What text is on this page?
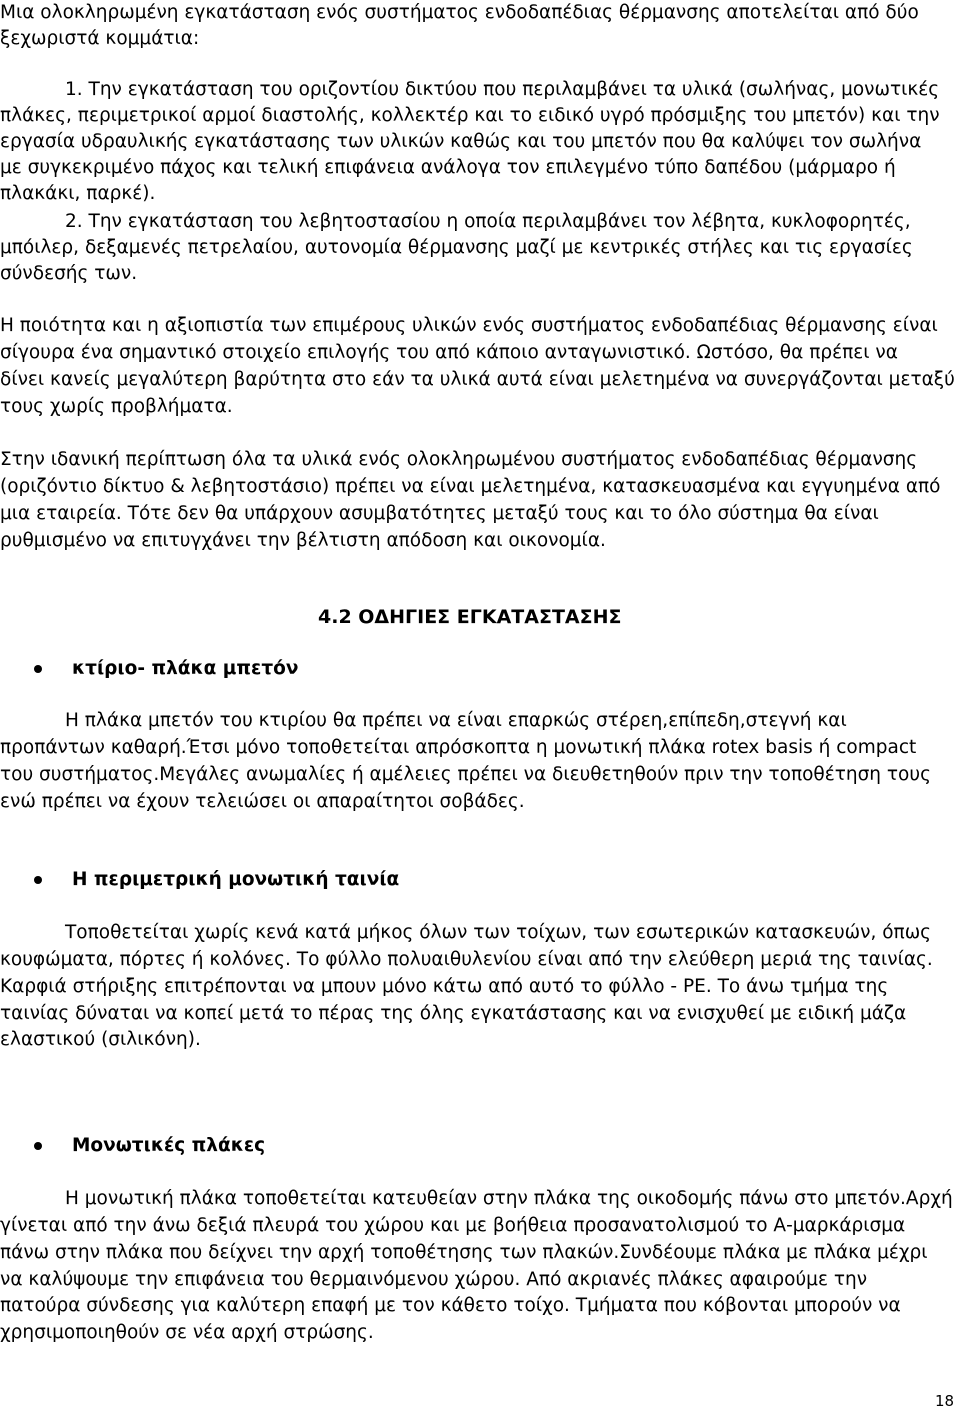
Μια ολοκληρωμένη εγκατάσταση ενός συστήματος ενδοδαπέδιας θέρμανσης αποτελείται από δύο
ξεχωριστά κομμάτια:
1. Την εγκατάσταση του οριζοντίου δικτύου που περιλαμβάνει τα υλικά (σωλήνας, μονωτικές
πλάκες, περιμετρικοί αρμοί διαστολής, κολλεκτέρ και το ειδικό υγρό πρόσμιξης του μπετόν) και την
εργασία υδραυλικής εγκατάστασης των υλικών καθώς και του μπετόν που θα καλύψει τον σωλήνα
με συγκεκριμένο πάχος και τελική επιφάνεια ανάλογα τον επιλεγμένο τύπο δαπέδου (μάρμαρο ή
πλακάκι, παρκέ).
2. Την εγκατάσταση του λεβητοστασίου η οποία περιλαμβάνει τον λέβητα, κυκλοφορητές,
μπόιλερ, δεξαμενές πετρελαίου, αυτονομία θέρμανσης μαζί με κεντρικές στήλες και τις εργασίες
σύνδεσής των.
Η ποιότητα και η αξιοπιστία των επιμέρους υλικών ενός συστήματος ενδοδαπέδιας θέρμανσης είναι
σίγουρα ένα σημαντικό στοιχείο επιλογής του από κάποιο ανταγωνιστικό. Ωστόσο, θα πρέπει να
δίνει κανείς μεγαλύτερη βαρύτητα στο εάν τα υλικά αυτά είναι μελετημένα να συνεργάζονται μεταξύ
τους χωρίς προβλήματα.
Στην ιδανική περίπτωση όλα τα υλικά ενός ολοκληρωμένου συστήματος ενδοδαπέδιας θέρμανσης
(οριζόντιο δίκτυο & λεβητοστάσιο) πρέπει να είναι μελετημένα, κατασκευασμένα και εγγυημένα από
μια εταιρεία. Τότε δεν θα υπάρχουν ασυμβατότητες μεταξύ τους και το όλο σύστημα θα είναι
ρυθμισμένο να επιτυγχάνει την βέλτιστη απόδοση και οικονομία.
4.2 ΟΔΗΓΙΕΣ ΕΓΚΑΤΑΣΤΑΣΗΣ
κτίριο- πλάκα μπετόν
Η πλάκα μπετόν του κτιρίου θα πρέπει να είναι επαρκώς στέρεη,επίπεδη,στεγνή και
προπάντων καθαρή.Έτσι μόνο τοποθετείται απρόσκοπτα η μονωτική πλάκα rotex basis ή compact
του συστήματος.Μεγάλες ανωμαλίες ή αμέλειες πρέπει να διευθετηθούν πριν την τοποθέτηση τους
ενώ πρέπει να έχουν τελειώσει οι απαραίτητοι σοβάδες.
Η περιμετρική μονωτική ταινία
Τοποθετείται χωρίς κενά κατά μήκος όλων των τοίχων, των εσωτερικών κατασκευών, όπως
κουφώματα, πόρτες ή κολόνες. Το φύλλο πολυαιθυλενίου είναι από την ελεύθερη μεριά της ταινίας.
Καρφιά στήριξης επιτρέπονται να μπουν μόνο κάτω από αυτό το φύλλο - PE. Το άνω τμήμα της
ταινίας δύναται να κοπεί μετά το πέρας της όλης εγκατάστασης και να ενισχυθεί με ειδική μάζα
ελαστικού (σιλικόνη).
Μονωτικές πλάκες
Η μονωτική πλάκα τοποθετείται κατευθείαν στην πλάκα της οικοδομής πάνω στο μπετόν.Αρχή
γίνεται από την άνω δεξιά πλευρά του χώρου και με βοήθεια προσανατολισμού το Α-μαρκάρισμα
πάνω στην πλάκα που δείχνει την αρχή τοποθέτησης των πλακών.Συνδέουμε πλάκα με πλάκα μέχρι
να καλύψουμε την επιφάνεια του θερμαινόμενου χώρου. Από ακριανές πλάκες αφαιρούμε την
πατούρα σύνδεσης για καλύτερη επαφή με τον κάθετο τοίχο. Τμήματα που κόβονται μπορούν να
χρησιμοποιηθούν σε νέα αρχή στρώσης.
18
